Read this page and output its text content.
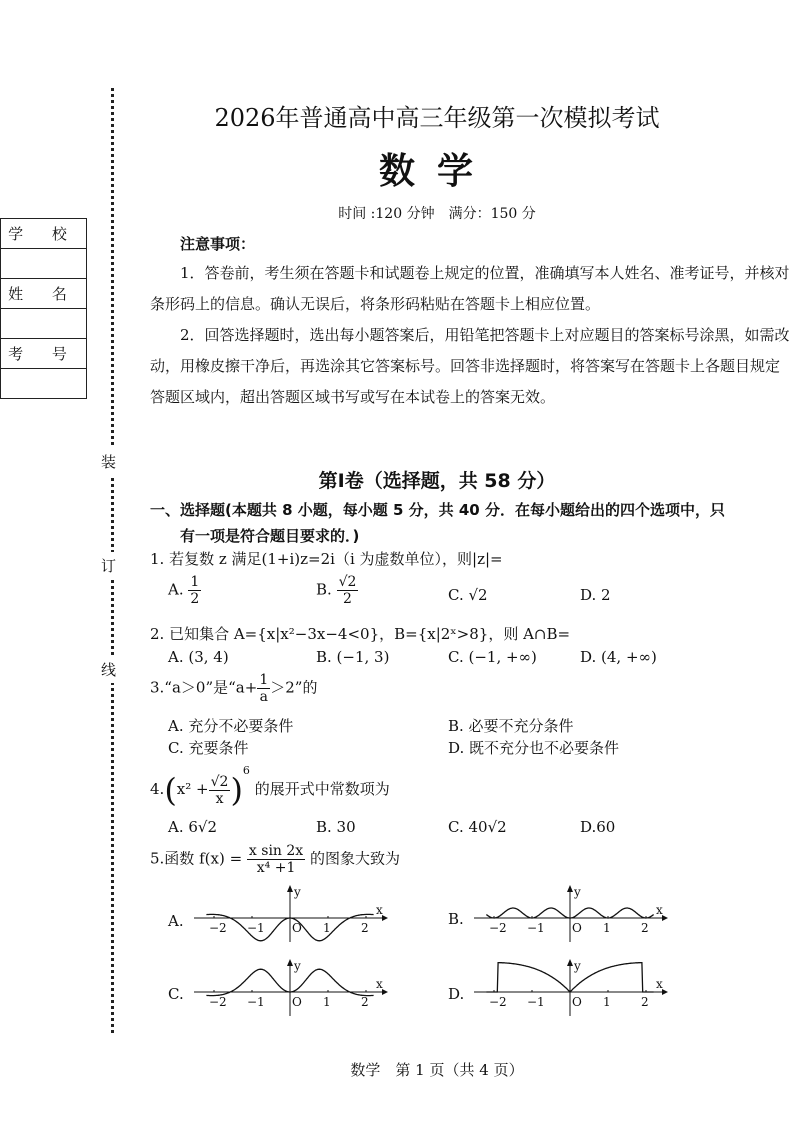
装
订
线
学 校

姓 名

考 号

2026年普通高中高三年级第一次模拟考试
数学
时间 :120 分钟　满分：150 分
注意事项：

1．答卷前，考生须在答题卡和试题卷上规定的位置，准确填写本人姓名、准考证号，并核对条形码上的信息。确认无误后，将条形码粘贴在答题卡上相应位置。

2．回答选择题时，选出每小题答案后，用铅笔把答题卡上对应题目的答案标号涂黑，如需改动，用橡皮擦干净后，再选涂其它答案标号。回答非选择题时，将答案写在答题卡上各题目规定答题区域内，超出答题区域书写或写在本试卷上的答案无效。

第Ⅰ卷（选择题，共 58 分）
一、选择题(本题共 8 小题，每小题 5 分，共 40 分．在每小题给出的四个选项中，只
有一项是符合题目要求的．)
1. 若复数 z 满足(1+i)z=2i（i 为虚数单位），则|z|=
A. $\frac{1}{2}$	B. $\frac{√2}{2}$	C. √2	D. 2
2. 已知集合 A={x|x²−3x−4<0}，B={x|2ˣ>8}，则 A∩B=
A. (3, 4)	B. (−1, 3)	C. (−1, +∞)	D. (4, +∞)
3.“a＞0”是“$a+ \frac{1}{a} >2$”的
A. 充分不必要条件	B. 必要不充分条件
C. 充要条件	D. 既不充分也不必要条件
$4.(x^2 + \frac{√2}{x} )^6$ 的展开式中常数项为
A. 6√2	B. 30	C. 40√2	D.60
5.函数 $f(x) = \frac{\text{x sin 2x}}{\text{x⁴ +1}}$ 的图象大致为
A.	B.
C.	D.
x
y
O
−2 −1	1	2
x
y
O
−2 −1	1	2
x
y
O
−2 −1	1	2
x
y
O
−2 −1	1	2
数学　第 1 页（共 4 页）
